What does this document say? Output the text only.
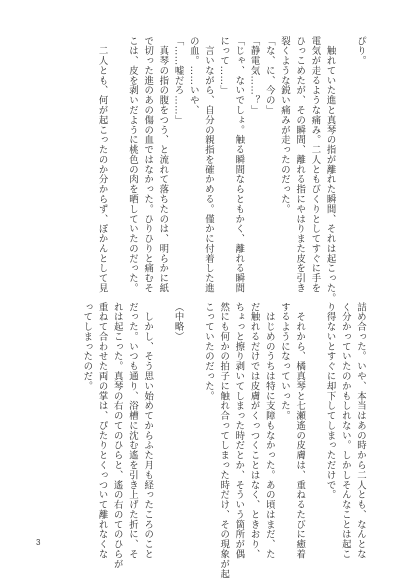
ぴり。

　触れていた進と真琴の指が離れた瞬間、それは起こった。

電気が走るような痛み。二人ともびくりとしてすぐに手を

ひっこめたが、その瞬間、離れる指にやはりまた皮を引き

裂くような鋭い痛みが走ったのだった。

「な、に、今の」

「静電気……？」

「じゃ、ないでしょ。触る瞬間ならともかく、離れる瞬間

にって……」

　言いながら、自分の親指を確かめる。僅かに付着した進

の血。……いや、

「……嘘だろ……」

　真琴の指の腹をつう、と流れて落ちたのは、明らかに紙

で切った進のあの傷の血ではなかった。ひりひりと痛むそ

こは、皮を剥いだように桃色の肉を晒していたのだった。

　二人とも、何が起こったのか分からず、ぽかんとして見

詰め合った。いや、本当はあの時から二人とも、なんとな

く分かっていたのかもしれない。しかしそんなことは起こ

り得ないとすぐに却下してしまっただけで。

　それから、橘真琴と七瀬遙の皮膚は、重ねるたびに癒着

するようになっていった。

　はじめのうちは特に支障もなかった。あの頃はまだ、た

だ触れるだけでは皮膚がくっつくことはなく、ときおり、

ちょっと擦り剥いてしまった時だとか、そういう箇所が偶

然にも何かの拍子に触れ合ってしまった時だけ、その現象が起

こっていたのだった。

（中略）

　しかし、そう思い始めてからふた月も経ったころのこと

だった。いつも通り、浴槽に沈む遙を引き上げた折に、そ

れは起こった。真琴の右のてのひらと、遙の右のてのひらが

重ねて合わせた両の掌は、ぴたりとくっついて離れなくな

ってしまったのだ。

3
